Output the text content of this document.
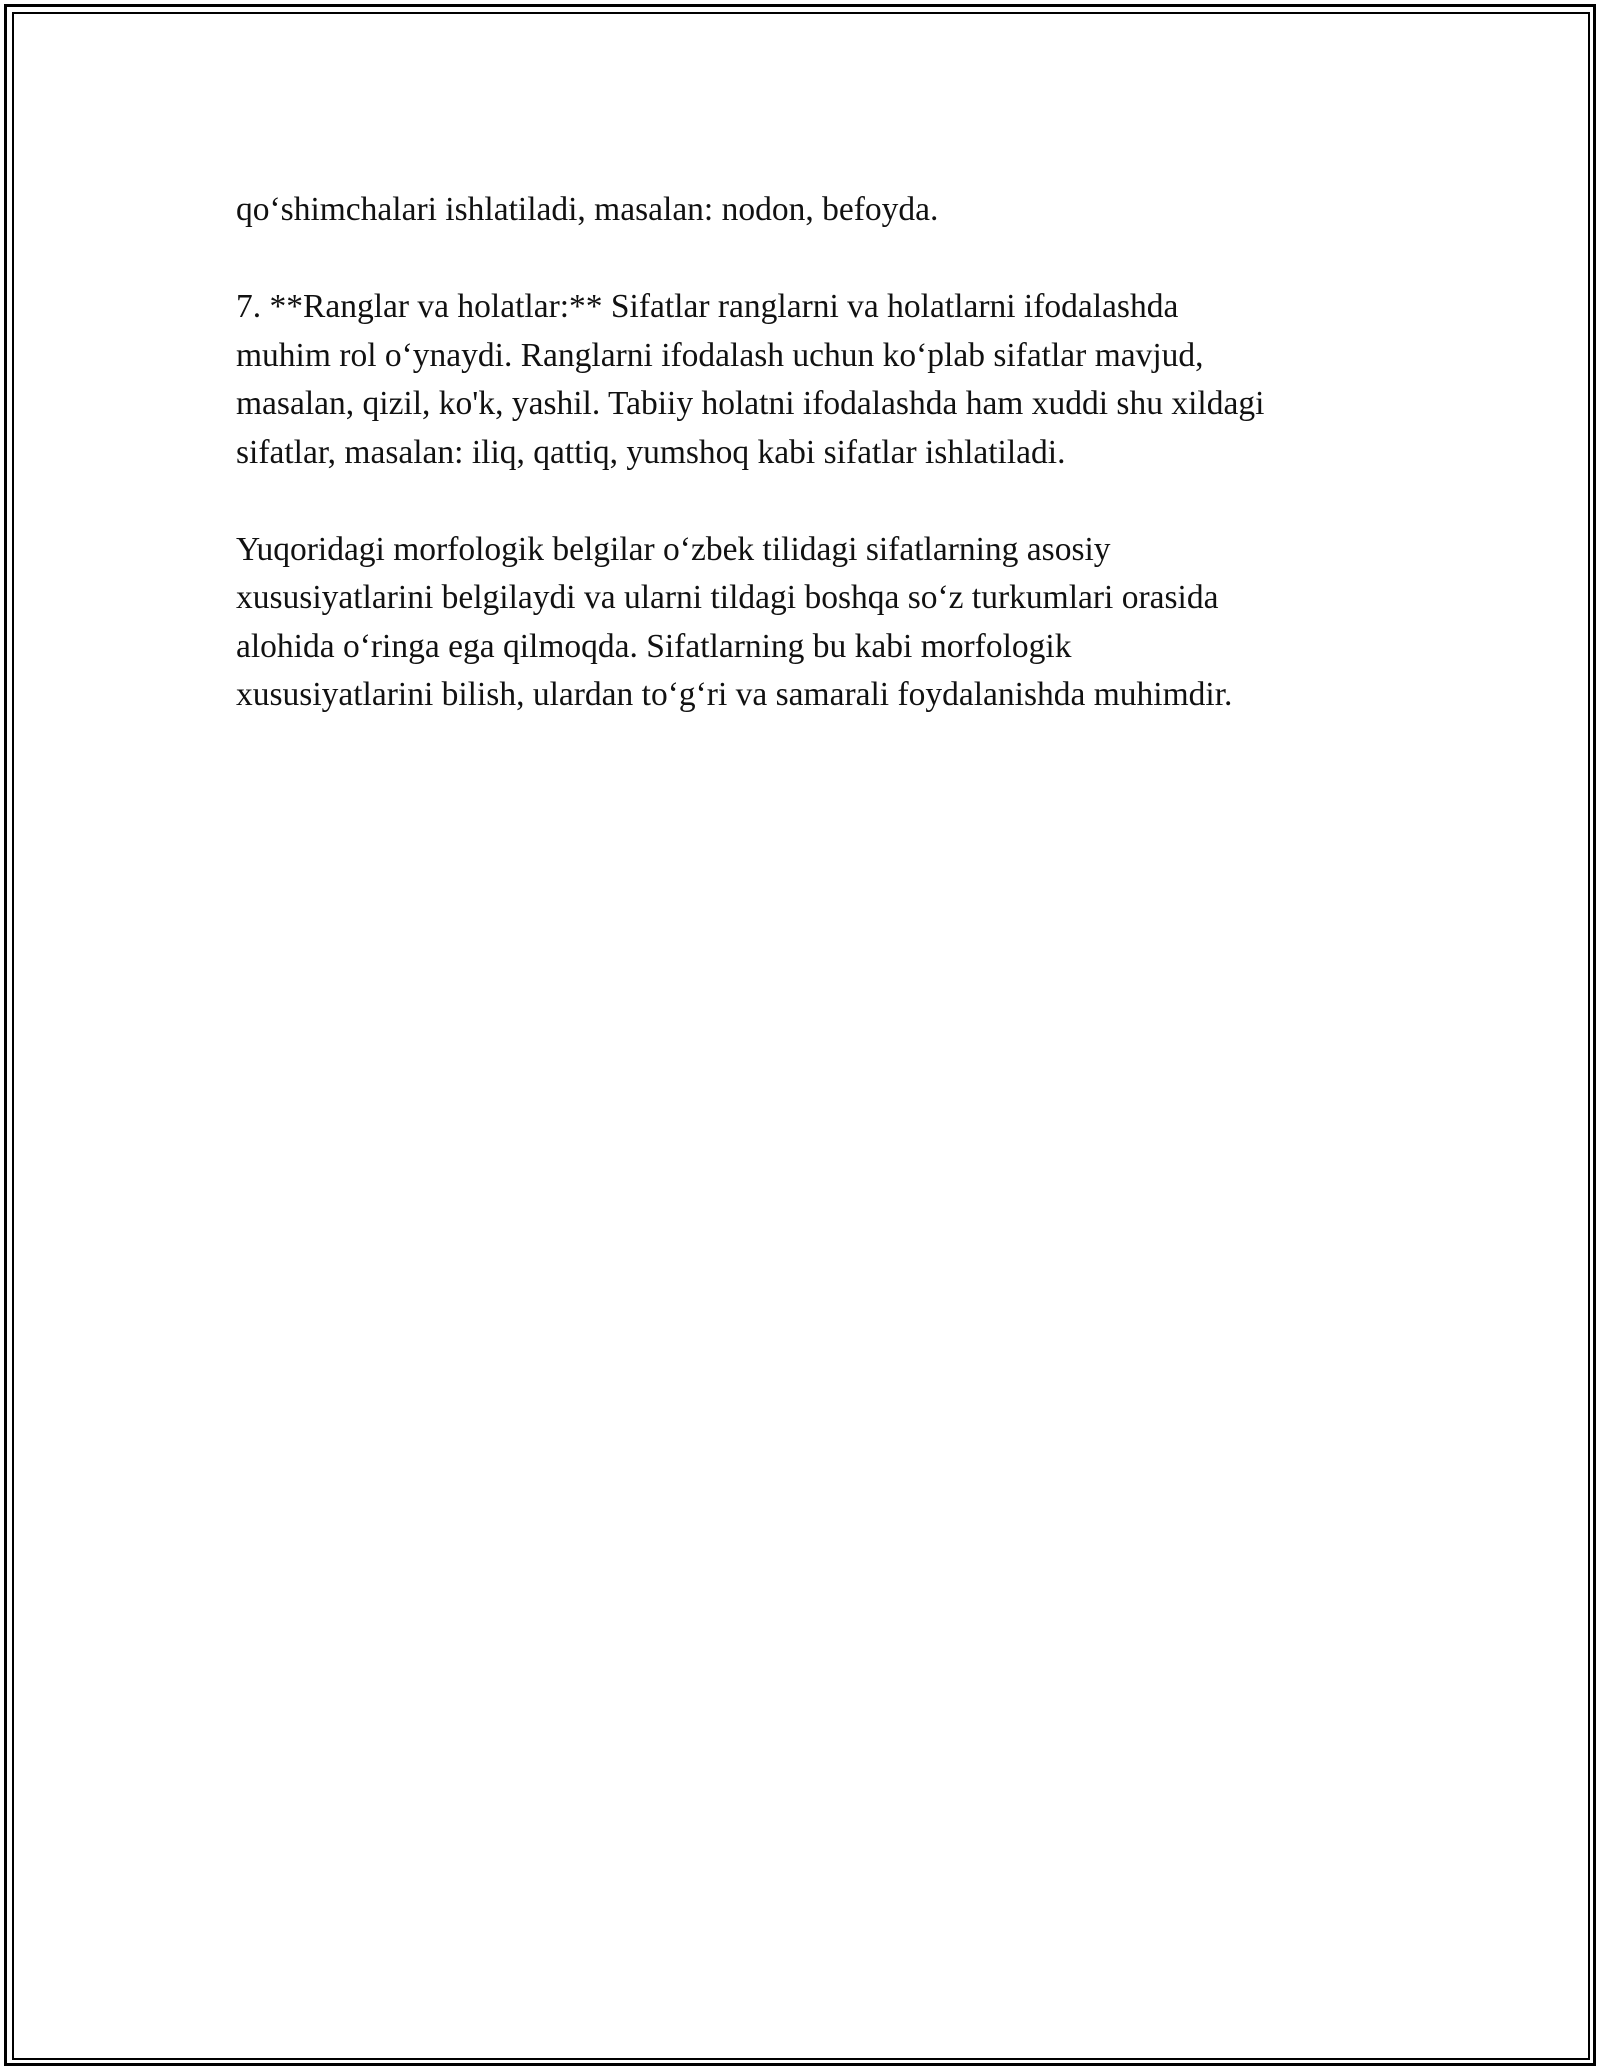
qo‘shimchalari ishlatiladi, masalan: nodon, befoyda.

7. **Ranglar va holatlar:** Sifatlar ranglarni va holatlarni ifodalashda
muhim rol o‘ynaydi. Ranglarni ifodalash uchun ko‘plab sifatlar mavjud,
masalan, qizil, ko'k, yashil. Tabiiy holatni ifodalashda ham xuddi shu xildagi
sifatlar, masalan: iliq, qattiq, yumshoq kabi sifatlar ishlatiladi.

Yuqoridagi morfologik belgilar o‘zbek tilidagi sifatlarning asosiy
xususiyatlarini belgilaydi va ularni tildagi boshqa so‘z turkumlari orasida
alohida o‘ringa ega qilmoqda. Sifatlarning bu kabi morfologik
xususiyatlarini bilish, ulardan to‘g‘ri va samarali foydalanishda muhimdir.
